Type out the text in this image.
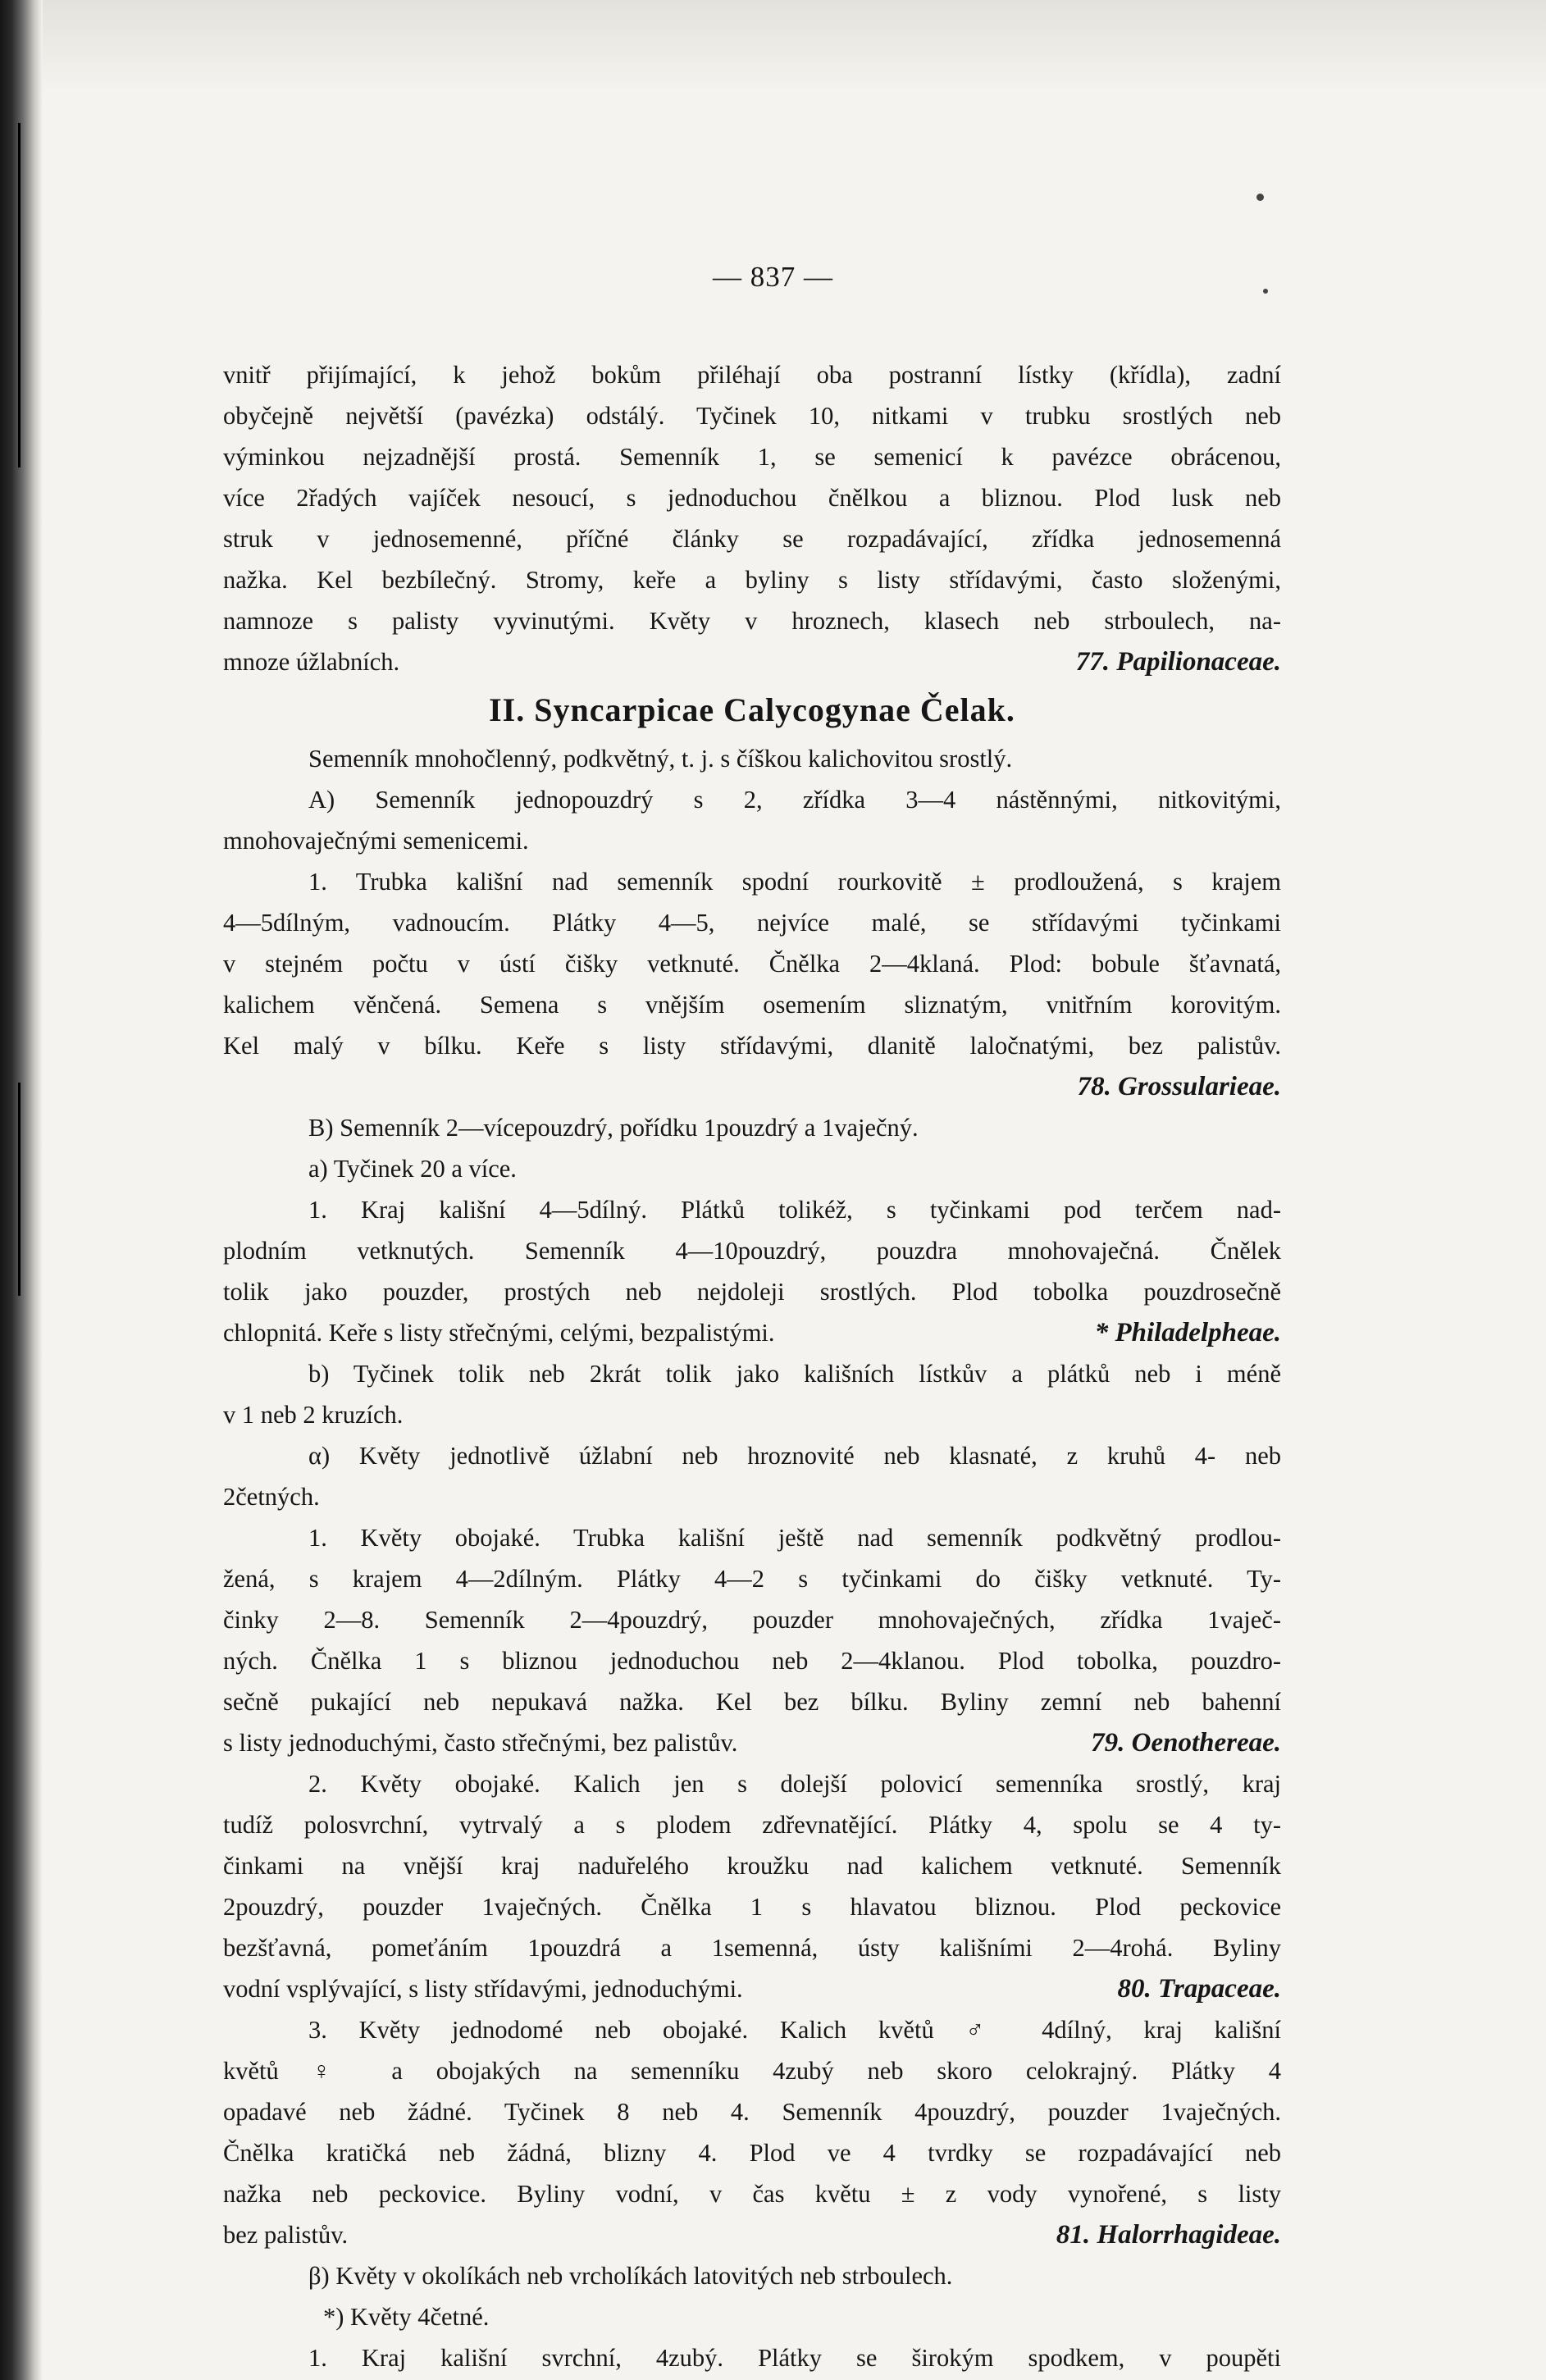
— 837 —
vnitř přijímající, k jehož bokům přiléhají oba postranní lístky (křídla), zadní
obyčejně největší (pavézka) odstálý. Tyčinek 10, nitkami v trubku srostlých neb
výminkou nejzadnější prostá. Semenník 1, se semenicí k pavézce obrácenou,
více 2řadých vajíček nesoucí, s jednoduchou čnělkou a bliznou. Plod lusk neb
struk v jednosemenné, příčné články se rozpadávající, zřídka jednosemenná
nažka. Kel bezbílečný. Stromy, keře a byliny s listy střídavými, často složenými,
namnoze s palisty vyvinutými. Květy v hroznech, klasech neb strboulech, na-
mnoze úžlabních.	77. Papilionaceae.
II. Syncarpicae Calycogynae Čelak.
Semenník mnohočlenný, podkvětný, t. j. s číškou kalichovitou srostlý.
A) Semenník jednopouzdrý s 2, zřídka 3—4 nástěnnými, nitkovitými,
mnohovaječnými semenicemi.
1. Trubka kališní nad semenník spodní rourkovitě ± prodloužená, s krajem
4—5dílným, vadnoucím. Plátky 4—5, nejvíce malé, se střídavými tyčinkami
v stejném počtu v ústí čišky vetknuté. Čnělka 2—4klaná. Plod: bobule šťavnatá,
kalichem věnčená. Semena s vnějším osemením sliznatým, vnitřním korovitým.
Kel malý v bílku. Keře s listy střídavými, dlanitě laločnatými, bez palistův.
78. Grossularieae.
B) Semenník 2—vícepouzdrý, pořídku 1pouzdrý a 1vaječný.
a) Tyčinek 20 a více.
1. Kraj kališní 4—5dílný. Plátků tolikéž, s tyčinkami pod terčem nad-
plodním vetknutých. Semenník 4—10pouzdrý, pouzdra mnohovaječná. Čnělek
tolik jako pouzder, prostých neb nejdoleji srostlých. Plod tobolka pouzdrosečně
chlopnitá. Keře s listy střečnými, celými, bezpalistými.	* Philadelpheae.
b) Tyčinek tolik neb 2krát tolik jako kališních lístkův a plátků neb i méně
v 1 neb 2 kruzích.
α) Květy jednotlivě úžlabní neb hroznovité neb klasnaté, z kruhů 4- neb
2četných.
1. Květy obojaké. Trubka kališní ještě nad semenník podkvětný prodlou-
žená, s krajem 4—2dílným. Plátky 4—2 s tyčinkami do čišky vetknuté. Ty-
činky 2—8. Semenník 2—4pouzdrý, pouzder mnohovaječných, zřídka 1vaječ-
ných. Čnělka 1 s bliznou jednoduchou neb 2—4klanou. Plod tobolka, pouzdro-
sečně pukající neb nepukavá nažka. Kel bez bílku. Byliny zemní neb bahenní
s listy jednoduchými, často střečnými, bez palistův.	79. Oenothereae.
2. Květy obojaké. Kalich jen s dolejší polovicí semenníka srostlý, kraj
tudíž polosvrchní, vytrvalý a s plodem zdřevnatějící. Plátky 4, spolu se 4 ty-
činkami na vnější kraj naduřelého kroužku nad kalichem vetknuté. Semenník
2pouzdrý, pouzder 1vaječných. Čnělka 1 s hlavatou bliznou. Plod peckovice
bezšťavná, pomeťáním 1pouzdrá a 1semenná, ústy kališními 2—4rohá. Byliny
vodní vsplývající, s listy střídavými, jednoduchými.	80. Trapaceae.
3. Květy jednodomé neb obojaké. Kalich květů ♂ 4dílný, kraj kališní
květů ♀ a obojakých na semenníku 4zubý neb skoro celokrajný. Plátky 4
opadavé neb žádné. Tyčinek 8 neb 4. Semenník 4pouzdrý, pouzder 1vaječných.
Čnělka kratičká neb žádná, blizny 4. Plod ve 4 tvrdky se rozpadávající neb
nažka neb peckovice. Byliny vodní, v čas květu ± z vody vynořené, s listy
bez palistův.	81. Halorrhagideae.
β) Květy v okolíkách neb vrcholíkách latovitých neb strboulech.
*) Květy 4četné.
1. Kraj kališní svrchní, 4zubý. Plátky se širokým spodkem, v poupěti
